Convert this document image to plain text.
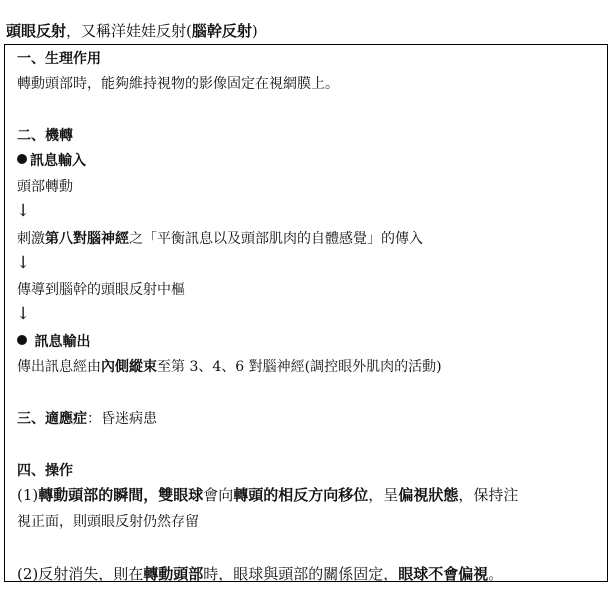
頭眼反射，又稱洋娃娃反射(腦幹反射)
一、生理作用
轉動頭部時，能夠維持視物的影像固定在視網膜上。
二、機轉
訊息輸入
頭部轉動
↓
刺激第八對腦神經之「平衡訊息以及頭部肌肉的自體感覺」的傳入
↓
傳導到腦幹的頭眼反射中樞
↓
訊息輸出
傳出訊息經由內側縱束至第 3、4、6 對腦神經(調控眼外肌肉的活動)
三、適應症：昏迷病患
四、操作
(1)轉動頭部的瞬間，雙眼球會向轉頭的相反方向移位，呈偏視狀態，保持注
視正面，則頭眼反射仍然存留
(2)反射消失，則在轉動頭部時，眼球與頭部的關係固定，眼球不會偏視。
